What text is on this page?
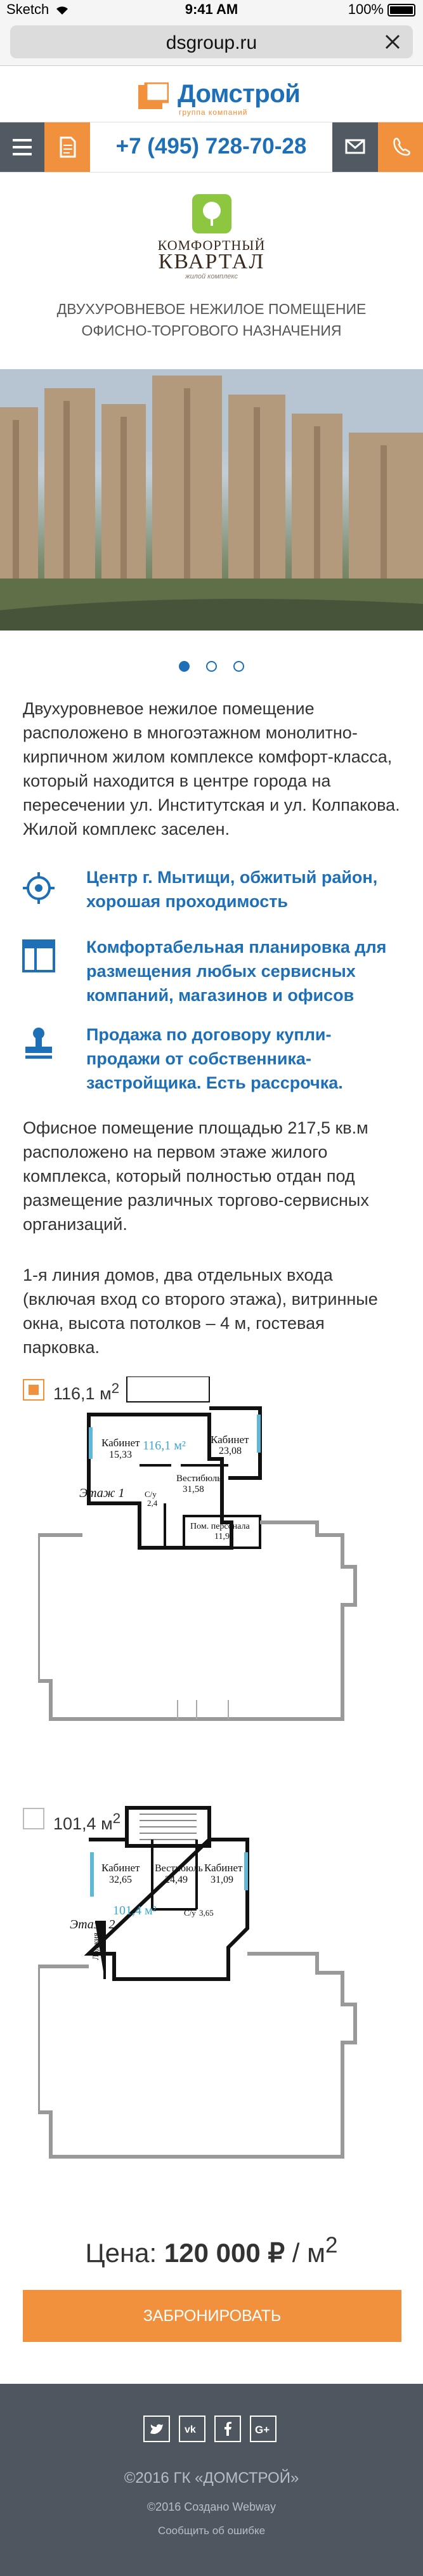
Sketch	9:41 AM	100%
dsgroup.ru
Домстрой
группа компаний
+7 (495) 728-70-28
КОМФОРТНЫЙ
КВАРТАЛ
жилой комплекс
ДВУХУРОВНЕВОЕ НЕЖИЛОЕ ПОМЕЩЕНИЕ ОФИСНО-ТОРГОВОГО НАЗНАЧЕНИЯ

Двухуровневое нежилое помещение расположено в многоэтажном монолитно-кирпичном жилом комплексе комфорт-класса, который находится в центре города на пересечении ул. Институтская и ул. Колпакова. Жилой комплекс заселен.
Центр г. Мытищи, обжитый район, хорошая проходимость
Комфортабельная планировка для размещения любых сервисных компаний, магазинов и офисов
Продажа по договору купли-продажи от собственника-застройщика. Есть рассрочка.
Офисное помещение площадью 217,5 кв.м расположено на первом этаже жилого комплекса, который полностью отдан под размещение различных торгово-сервисных организаций.
1-я линия домов, два отдельных входа (включая вход со второго этажа), витринные окна, высота потолков – 4 м, гостевая парковка.
116,1 $м^2$
Кабинет
15,33
116,1 м² Кабинет
23,08
Вестибюль
31,58
С/у
2,4
Пом. персонала
11,92
Этаж 1
101,4 $м^2$
Кабинет
32,65
Вестибюль
24,49
Кабинет
31,09
101,4 м²	С/у 3,65
Лоджия
Этаж 2
Цена: 120 000 ₽ / $м^2$
ЗАБРОНИРОВАТЬ
vk	G+
©2016 ГК «ДОМСТРОЙ»
©2016 Создано Webway
Сообщить об ошибке
